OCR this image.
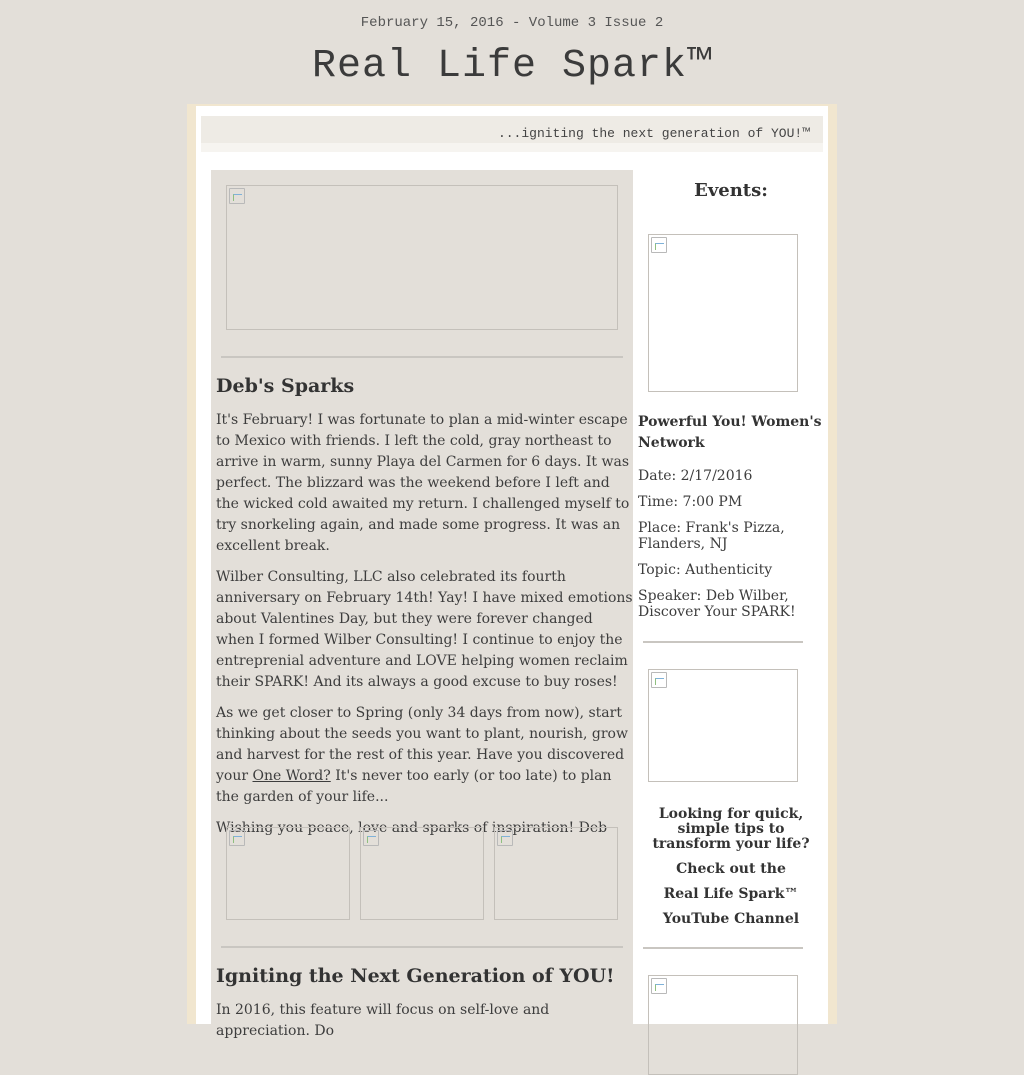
February 15, 2016 - Volume 3 Issue 2
Real Life Spark™
...igniting the next generation of YOU!™
Deb's Sparks

It's February! I was fortunate to plan a mid-winter escape to Mexico with friends. I left the cold, gray northeast to arrive in warm, sunny Playa del Carmen for 6 days. It was perfect. The blizzard was the weekend before I left and the wicked cold awaited my return. I challenged myself to try snorkeling again, and made some progress. It was an excellent break.

Wilber Consulting, LLC also celebrated its fourth anniversary on February 14th! Yay! I have mixed emotions about Valentines Day, but they were forever changed when I formed Wilber Consulting! I continue to enjoy the entreprenial adventure and LOVE helping women reclaim their SPARK! And its always a good excuse to buy roses!

As we get closer to Spring (only 34 days from now), start thinking about the seeds you want to plant, nourish, grow and harvest for the rest of this year. Have you discovered your One Word? It's never too early (or too late) to plan the garden of your life...

Wishing you peace, love and sparks of inspiration! Deb

Igniting the Next Generation of YOU!

In 2016, this feature will focus on self-love and appreciation. Do

Events:
Powerful You! Women's Network
Date: 2/17/2016
Time: 7:00 PM
Place: Frank's Pizza, Flanders, NJ
Topic: Authenticity
Speaker: Deb Wilber, Discover Your SPARK!
Looking for quick, simple tips to transform your life?
Check out the
Real Life Spark™
YouTube Channel
